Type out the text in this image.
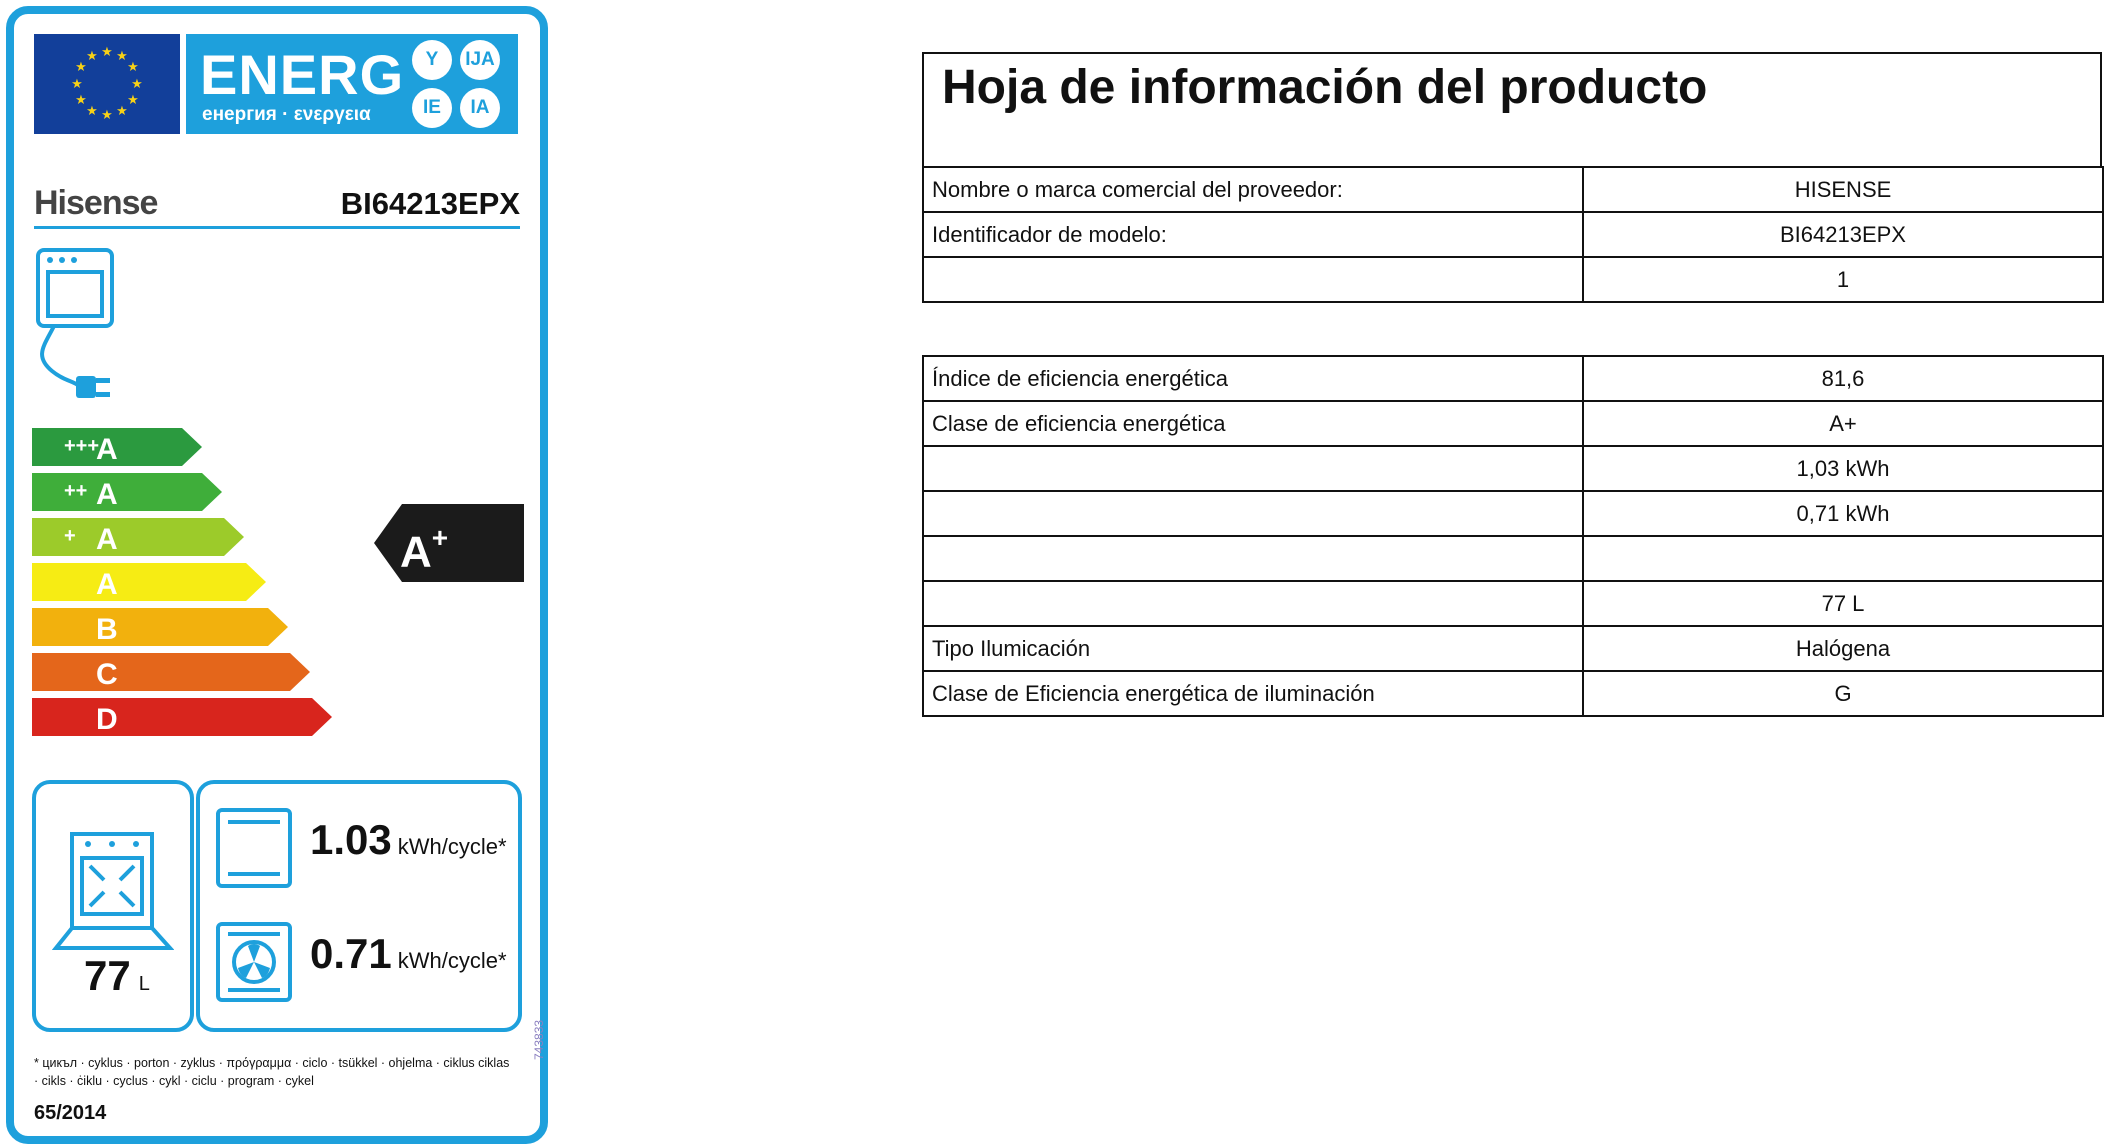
★ ★
★
★
★
★
★
★
★
★
★
★ ENERG
енергия · ενεργεια
Y	IJA
IE	IA
Hisense	BI64213EPX
A
+++
A
++
A
+
A
B
C
D
A+
77 L
1.03 kWh/cycle*
0.71 kWh/cycle*
* цикъл · cyklus · porton · zyklus · πρόγραμμα · ciclo · tsükkel · ohjelma · ciklus ciklas · cikls · ċiklu · cyclus · cykl · ciclu · program · cykel
65/2014
743833
Hoja de información del producto
Nombre o marca comercial del proveedor:	HISENSE
Identificador de modelo:	BI64213EPX
	1
Índice de eficiencia energética	81,6
Clase de eficiencia energética	A+
	1,03 kWh
	0,71 kWh

	77 L
Tipo Ilumicación	Halógena
Clase de Eficiencia energética de iluminación	G
